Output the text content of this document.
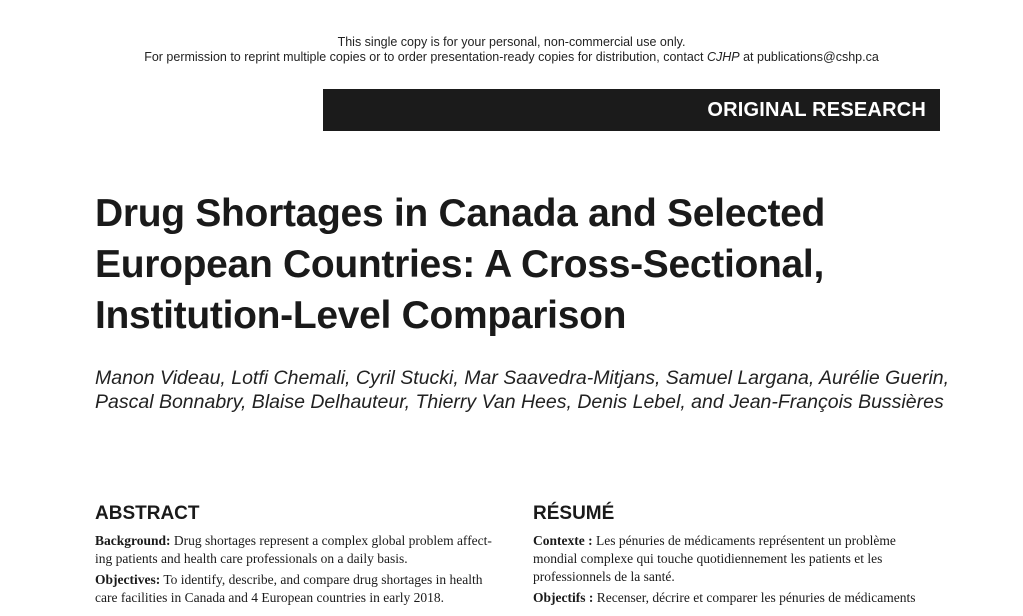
This single copy is for your personal, non-commercial use only.
For permission to reprint multiple copies or to order presentation-ready copies for distribution, contact CJHP at publications@cshp.ca
ORIGINAL RESEARCH
Drug Shortages in Canada and Selected
European Countries: A Cross-Sectional,
Institution-Level Comparison

Manon Videau, Lotfi Chemali, Cyril Stucki, Mar Saavedra-Mitjans, Samuel Largana, Aurélie Guerin,
Pascal Bonnabry, Blaise Delhauteur, Thierry Van Hees, Denis Lebel, and Jean-François Bussières

ABSTRACT	RÉSUMÉ

Background: Drug shortages represent a complex global problem affect-
ing patients and health care professionals on a daily basis.

Objectives: To identify, describe, and compare drug shortages in health
care facilities in Canada and 4 European countries in early 2018.

Contexte : Les pénuries de médicaments représentent un problème
mondial complexe qui touche quotidiennement les patients et les
professionnels de la santé.

Objectifs : Recenser, décrire et comparer les pénuries de médicaments
